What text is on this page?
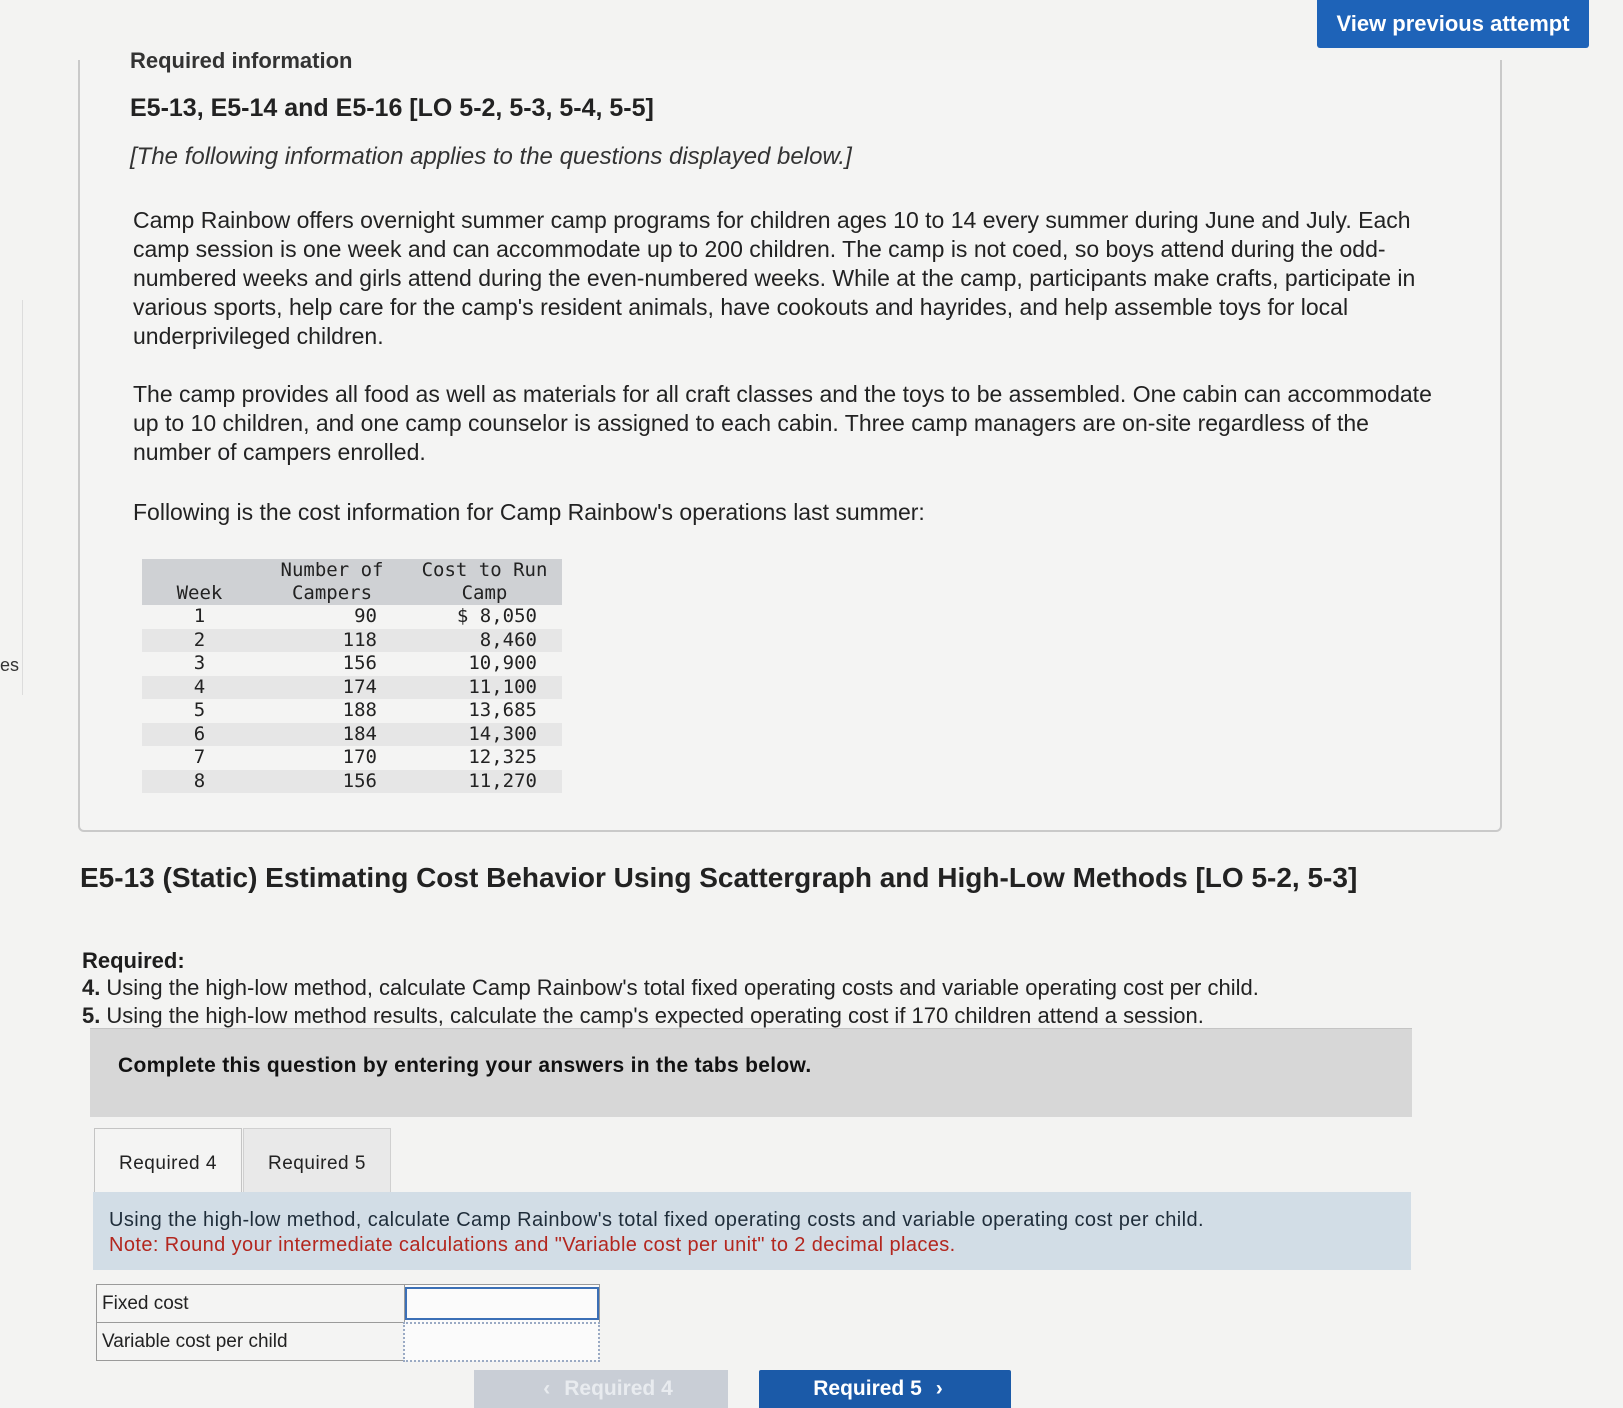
es
View previous attempt
Required information
E5-13, E5-14 and E5-16 [LO 5-2, 5-3, 5-4, 5-5]
[The following information applies to the questions displayed below.]
Camp Rainbow offers overnight summer camp programs for children ages 10 to 14 every summer during June and July. Each camp session is one week and can accommodate up to 200 children. The camp is not coed, so boys attend during the odd-numbered weeks and girls attend during the even-numbered weeks. While at the camp, participants make crafts, participate in various sports, help care for the camp's resident animals, have cookouts and hayrides, and help assemble toys for local underprivileged children.
The camp provides all food as well as materials for all craft classes and the toys to be assembled. One cabin can accommodate up to 10 children, and one camp counselor is assigned to each cabin. Three camp managers are on-site regardless of the number of campers enrolled.
Following is the cost information for Camp Rainbow's operations last summer:
Week	Number of Campers	Cost to Run Camp
1	90	$ 8,050
2	118	8,460
3	156	10,900
4	174	11,100
5	188	13,685
6	184	14,300
7	170	12,325
8	156	11,270
E5-13 (Static) Estimating Cost Behavior Using Scattergraph and High-Low Methods [LO 5-2, 5-3]
Required:
4. Using the high-low method, calculate Camp Rainbow's total fixed operating costs and variable operating cost per child.
5. Using the high-low method results, calculate the camp's expected operating cost if 170 children attend a session.
Complete this question by entering your answers in the tabs below.
Required 4	Required 5
Using the high-low method, calculate Camp Rainbow's total fixed operating costs and variable operating cost per child.
Note: Round your intermediate calculations and "Variable cost per unit" to 2 decimal places.
Fixed cost	
Variable cost per child	
‹ Required 4	Required 5 ›
